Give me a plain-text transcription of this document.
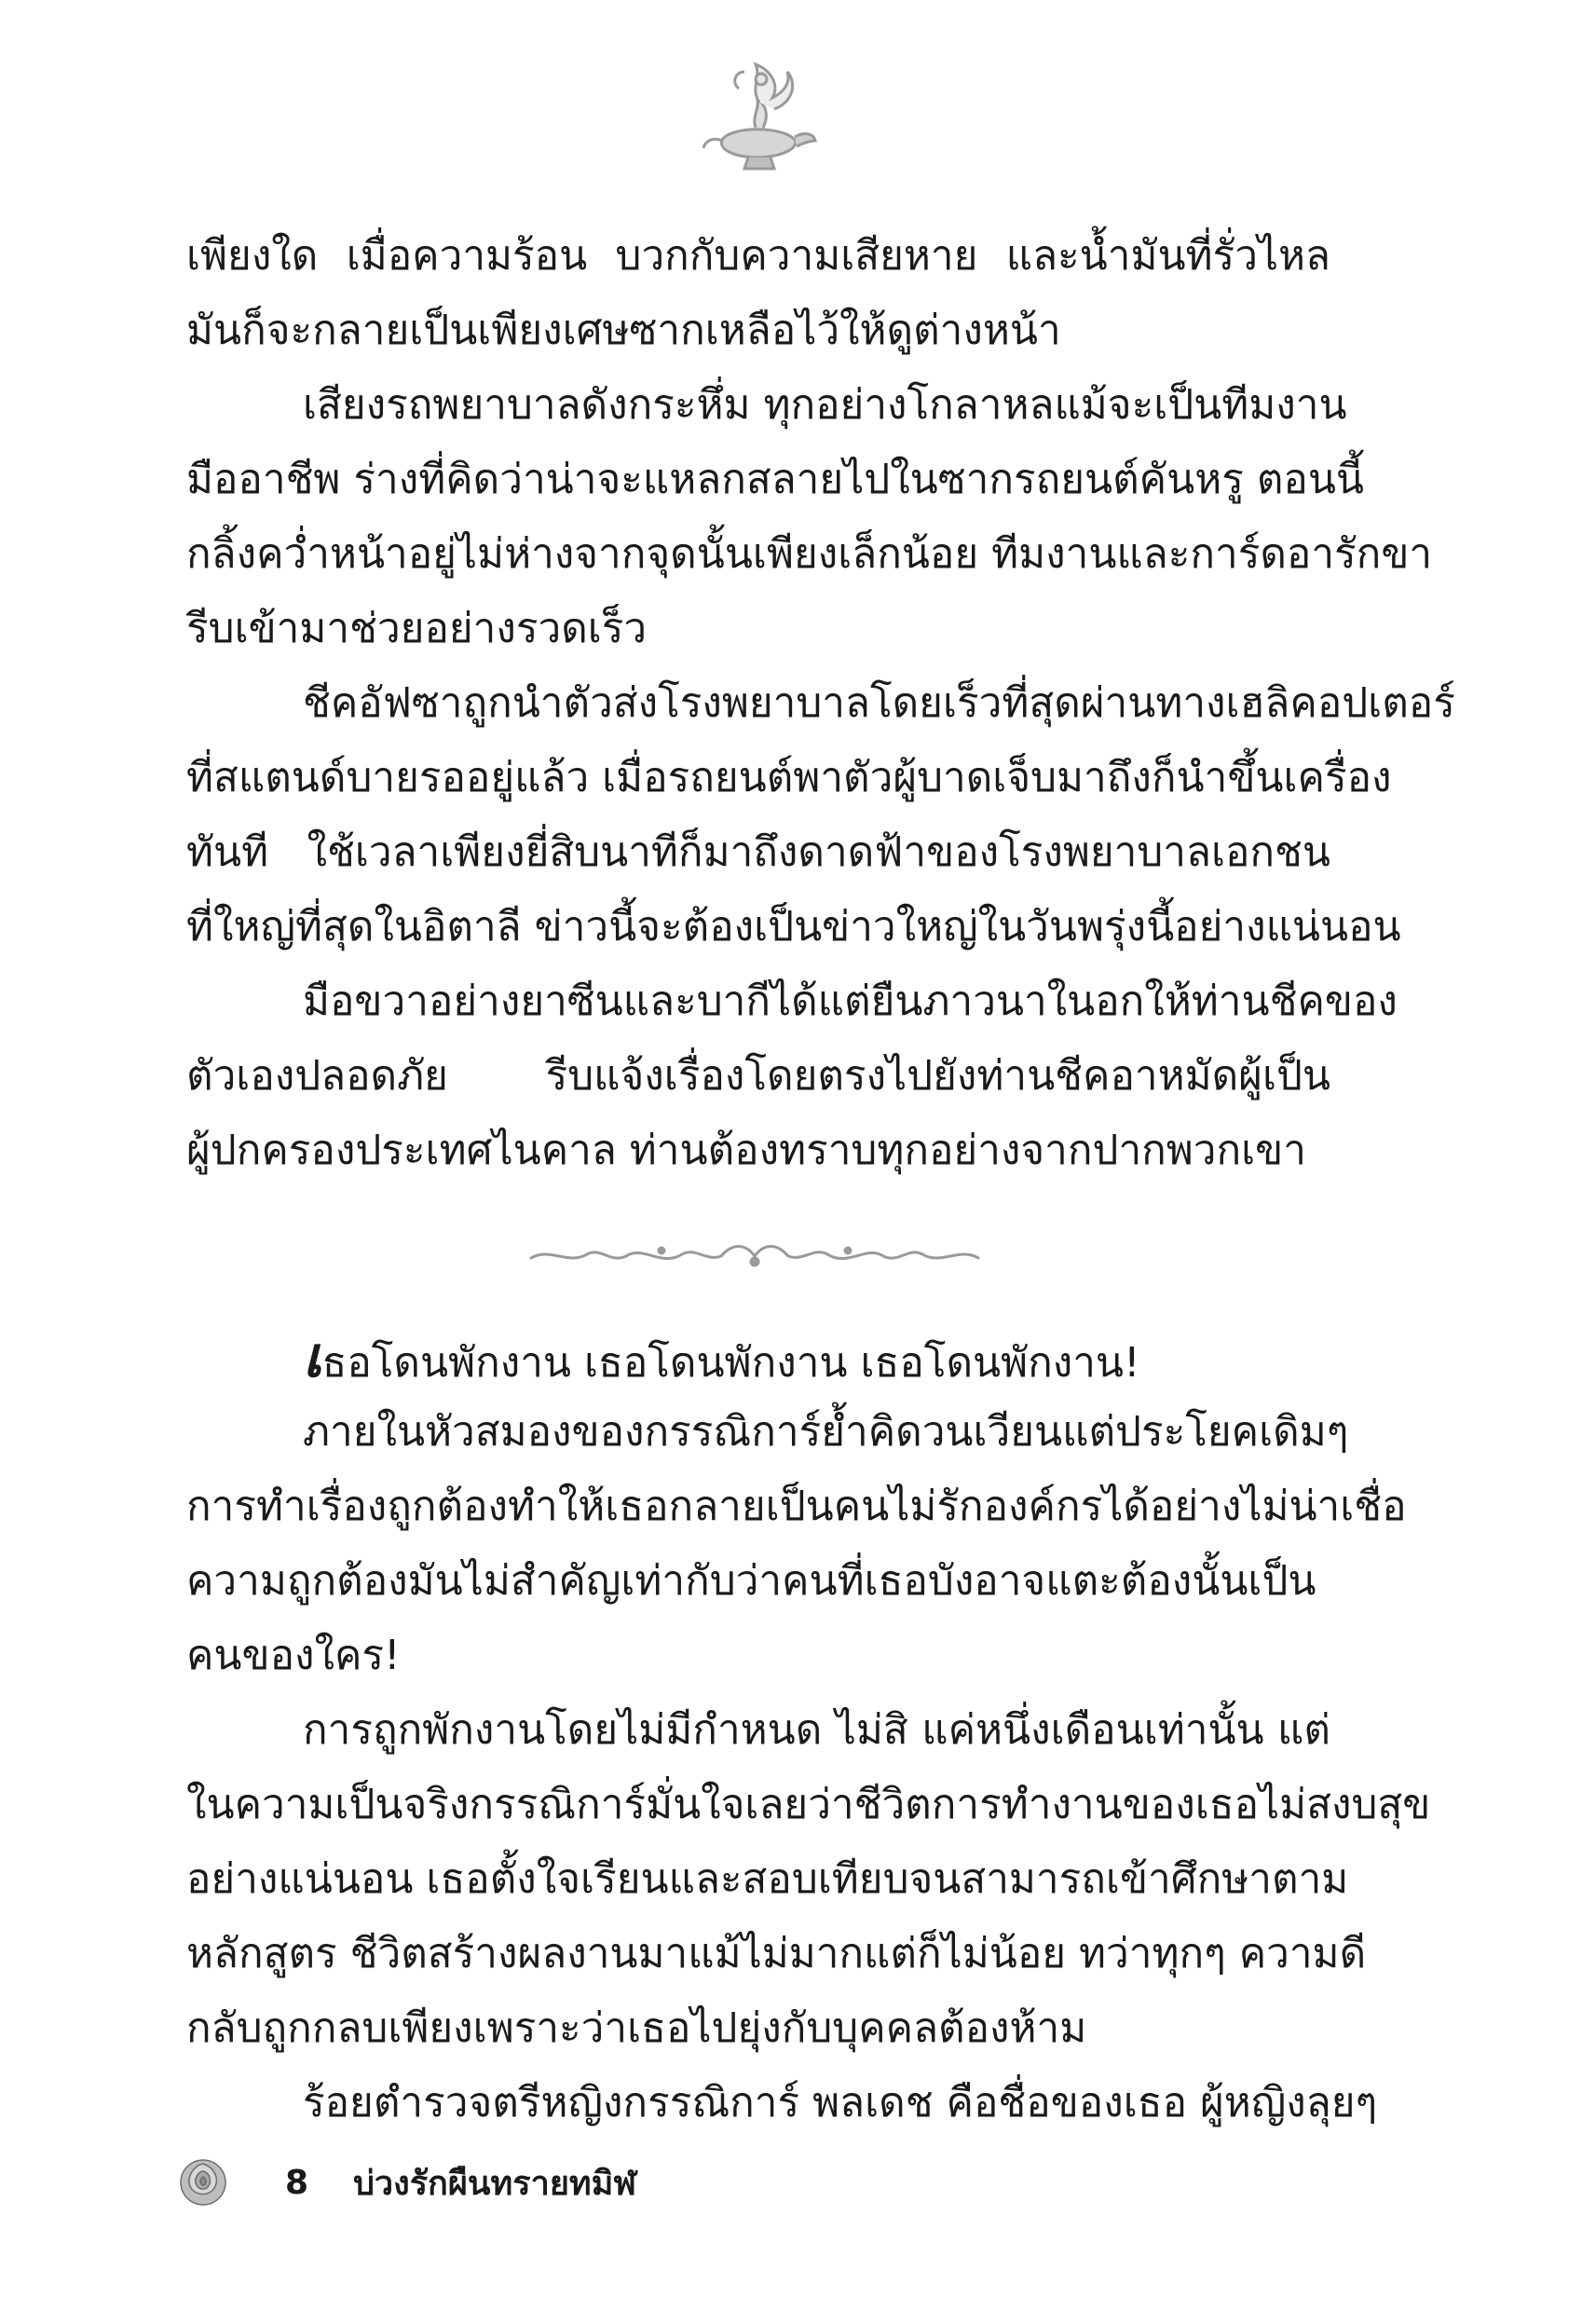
เพียงใด เมื่อความร้อน บวกกับความเสียหาย และน้ำมันที่รั่วไหล
มันก็จะกลายเป็นเพียงเศษซากเหลือไว้ให้ดูต่างหน้า
เสียงรถพยาบาลดังกระหึ่ม ทุกอย่างโกลาหลแม้จะเป็นทีมงาน
มืออาชีพ ร่างที่คิดว่าน่าจะแหลกสลายไปในซากรถยนต์คันหรู ตอนนี้
กลิ้งคว่ำหน้าอยู่ไม่ห่างจากจุดนั้นเพียงเล็กน้อย ทีมงานและการ์ดอารักขา
รีบเข้ามาช่วยอย่างรวดเร็ว
ชีคอัฟซาถูกนำตัวส่งโรงพยาบาลโดยเร็วที่สุดผ่านทางเฮลิคอปเตอร์
ที่สแตนด์บายรออยู่แล้ว เมื่อรถยนต์พาตัวผู้บาดเจ็บมาถึงก็นำขึ้นเครื่อง
ทันที ใช้เวลาเพียงยี่สิบนาทีก็มาถึงดาดฟ้าของโรงพยาบาลเอกชน
ที่ใหญ่ที่สุดในอิตาลี ข่าวนี้จะต้องเป็นข่าวใหญ่ในวันพรุ่งนี้อย่างแน่นอน
มือขวาอย่างยาซีนและบากีได้แต่ยืนภาวนาในอกให้ท่านชีคของ
ตัวเองปลอดภัย รีบแจ้งเรื่องโดยตรงไปยังท่านชีคอาหมัดผู้เป็น
ผู้ปกครองประเทศไนคาล ท่านต้องทราบทุกอย่างจากปากพวกเขา
เธอโดนพักงาน เธอโดนพักงาน เธอโดนพักงาน!
ภายในหัวสมองของกรรณิการ์ย้ำคิดวนเวียนแต่ประโยคเดิมๆ
การทำเรื่องถูกต้องทำให้เธอกลายเป็นคนไม่รักองค์กรได้อย่างไม่น่าเชื่อ
ความถูกต้องมันไม่สำคัญเท่ากับว่าคนที่เธอบังอาจแตะต้องนั้นเป็น
คนของใคร!
การถูกพักงานโดยไม่มีกำหนด ไม่สิ แค่หนึ่งเดือนเท่านั้น แต่
ในความเป็นจริงกรรณิการ์มั่นใจเลยว่าชีวิตการทำงานของเธอไม่สงบสุข
อย่างแน่นอน เธอตั้งใจเรียนและสอบเทียบจนสามารถเข้าศึกษาตาม
หลักสูตร ชีวิตสร้างผลงานมาแม้ไม่มากแต่ก็ไม่น้อย ทว่าทุกๆ ความดี
กลับถูกกลบเพียงเพราะว่าเธอไปยุ่งกับบุคคลต้องห้าม
ร้อยตำรวจตรีหญิงกรรณิการ์ พลเดช คือชื่อของเธอ ผู้หญิงลุยๆ
8 บ่วงรักผืนทรายทมิฬ
